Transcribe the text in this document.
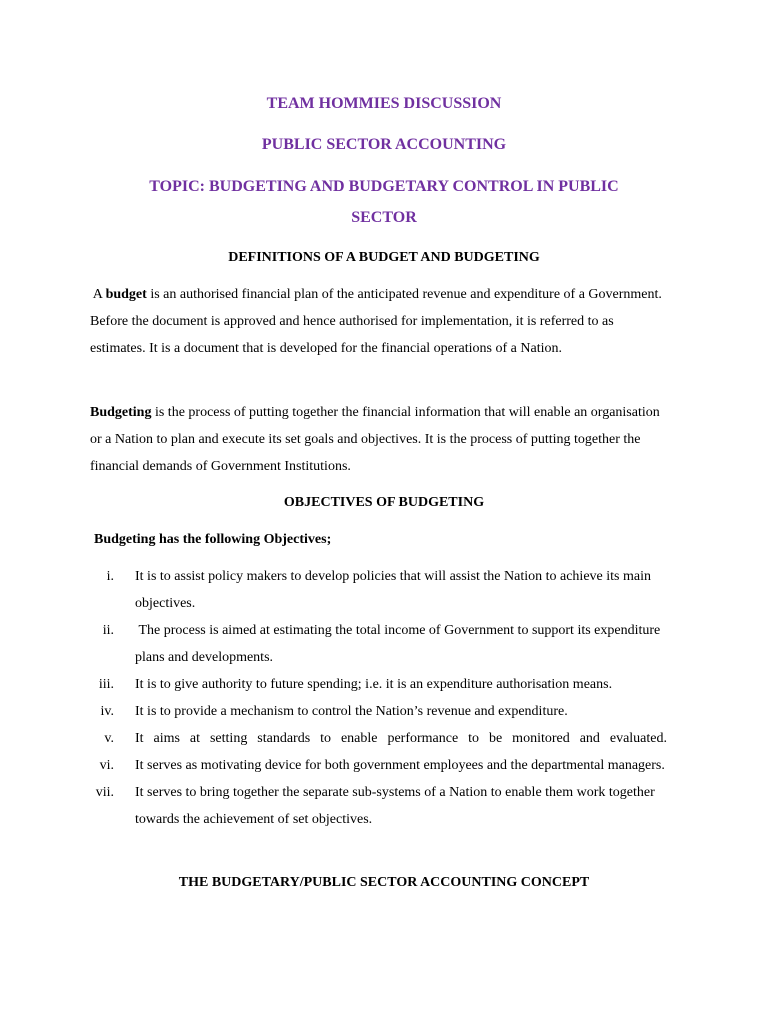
TEAM HOMMIES DISCUSSION
PUBLIC SECTOR ACCOUNTING
TOPIC: BUDGETING AND BUDGETARY CONTROL IN PUBLIC
SECTOR
DEFINITIONS OF A BUDGET AND BUDGETING

A budget is an authorised financial plan of the anticipated revenue and expenditure of a Government. Before the document is approved and hence authorised for implementation, it is referred to as estimates. It is a document that is developed for the financial operations of a Nation.

Budgeting is the process of putting together the financial information that will enable an organisation or a Nation to plan and execute its set goals and objectives. It is the process of putting together the financial demands of Government Institutions.

OBJECTIVES OF BUDGETING
Budgeting has the following Objectives;
i. It is to assist policy makers to develop policies that will assist the Nation to achieve its main objectives.
ii. The process is aimed at estimating the total income of Government to support its expenditure plans and developments.
iii. It is to give authority to future spending; i.e. it is an expenditure authorisation means.
iv. It is to provide a mechanism to control the Nation’s revenue and expenditure.
v. It aims at setting standards to enable performance to be monitored and evaluated.
vi. It serves as motivating device for both government employees and the departmental managers.
vii. It serves to bring together the separate sub-systems of a Nation to enable them work together towards the achievement of set objectives.
THE BUDGETARY/PUBLIC SECTOR ACCOUNTING CONCEPT
